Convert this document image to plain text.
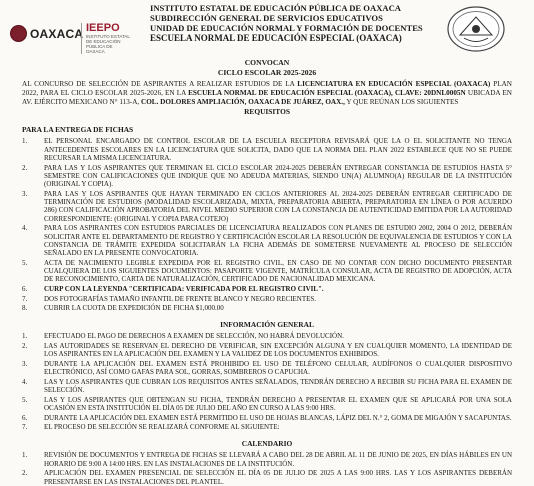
OAXACA IEEPO
INSTITUTO ESTATAL DE EDUCACIÓN PÚBLICA DE OAXACA
INSTITUTO ESTATAL DE EDUCACIÓN PÚBLICA DE OAXACA
SUBDIRECCIÓN GENERAL DE SERVICIOS EDUCATIVOS
UNIDAD DE EDUCACIÓN NORMAL Y FORMACIÓN DE DOCENTES
ESCUELA NORMAL DE EDUCACIÓN ESPECIAL (OAXACA)
CONVOCAN
CICLO ESCOLAR 2025-2026
AL CONCURSO DE SELECCIÓN DE ASPIRANTES A REALIZAR ESTUDIOS DE LA LICENCIATURA EN EDUCACIÓN ESPECIAL (OAXACA) PLAN 2022, PARA EL CICLO ESCOLAR 2025-2026, EN LA ESCUELA NORMAL DE EDUCACIÓN ESPECIAL (OAXACA), CLAVE: 20DNL0005N UBICADA EN AV. EJÉRCITO MEXICANO N° 113-A, COL. DOLORES AMPLIACIÓN, OAXACA DE JUÁREZ, OAX., Y QUE REÚNAN LOS SIGUIENTES
REQUISITOS
PARA LA ENTREGA DE FICHAS
1. EL PERSONAL ENCARGADO DE CONTROL ESCOLAR DE LA ESCUELA RECEPTORA REVISARÁ QUE LA O EL SOLICITANTE NO TENGA ANTECEDENTES ESCOLARES EN LA LICENCIATURA QUE SOLICITA, DADO QUE LA NORMA DEL PLAN 2022 ESTABLECE QUE NO SE PUEDE RECURSAR LA MISMA LICENCIATURA.
2. PARA LAS Y LOS ASPIRANTES QUE TERMINAN EL CICLO ESCOLAR 2024-2025 DEBERÁN ENTREGAR CONSTANCIA DE ESTUDIOS HASTA 5° SEMESTRE CON CALIFICACIONES QUE INDIQUE QUE NO ADEUDA MATERIAS, SIENDO UN(A) ALUMNO(A) REGULAR DE LA INSTITUCIÓN (ORIGINAL Y COPIA).
3. PARA LAS Y LOS ASPIRANTES QUE HAYAN TERMINADO EN CICLOS ANTERIORES AL 2024-2025 DEBERÁN ENTREGAR CERTIFICADO DE TERMINACIÓN DE ESTUDIOS (MODALIDAD ESCOLARIZADA, MIXTA, PREPARATORIA ABIERTA, PREPARATORIA EN LÍNEA O POR ACUERDO 286) CON CALIFICACIÓN APROBATORIA DEL NIVEL MEDIO SUPERIOR CON LA CONSTANCIA DE AUTENTICIDAD EMITIDA POR LA AUTORIDAD CORRESPONDIENTE: (ORIGINAL Y COPIA PARA COTEJO)
4. PARA LOS ASPIRANTES CON ESTUDIOS PARCIALES DE LICENCIATURA REALIZADOS CON PLANES DE ESTUDIO 2002, 2004 O 2012, DEBERÁN SOLICITAR ANTE EL DEPARTAMENTO DE REGISTRO Y CERTIFICACIÓN ESCOLAR LA RESOLUCIÓN DE EQUIVALENCIA DE ESTUDIOS Y CON LA CONSTANCIA DE TRÁMITE EXPEDIDA SOLICITARÁN LA FICHA ADEMÁS DE SOMETERSE NUEVAMENTE AL PROCESO DE SELECCIÓN SEÑALADO EN LA PRESENTE CONVOCATORIA.
5. ACTA DE NACIMIENTO LEGIBLE EXPEDIDA POR EL REGISTRO CIVIL, EN CASO DE NO CONTAR CON DICHO DOCUMENTO PRESENTAR CUALQUIERA DE LOS SIGUIENTES DOCUMENTOS: PASAPORTE VIGENTE, MATRÍCULA CONSULAR, ACTA DE REGISTRO DE ADOPCIÓN, ACTA DE RECONOCIMIENTO, CARTA DE NATURALIZACIÓN, CERTIFICADO DE NACIONALIDAD MEXICANA.
6. CURP CON LA LEYENDA "CERTIFICADA: VERIFICADA POR EL REGISTRO CIVIL".
7. DOS FOTOGRAFÍAS TAMAÑO INFANTIL DE FRENTE BLANCO Y NEGRO RECIENTES.
8. CUBRIR LA CUOTA DE EXPEDICIÓN DE FICHA $1,000.00
INFORMACIÓN GENERAL
1. EFECTUADO EL PAGO DE DERECHOS A EXAMEN DE SELECCIÓN, NO HABRÁ DEVOLUCIÓN.
2. LAS AUTORIDADES SE RESERVAN EL DERECHO DE VERIFICAR, SIN EXCEPCIÓN ALGUNA Y EN CUALQUIER MOMENTO, LA IDENTIDAD DE LOS ASPIRANTES EN LA APLICACIÓN DEL EXAMEN Y LA VALIDEZ DE LOS DOCUMENTOS EXHIBIDOS.
3. DURANTE LA APLICACIÓN DEL EXAMEN ESTÁ PROHIBIDO EL USO DE TELÉFONO CELULAR, AUDÍFONOS O CUALQUIER DISPOSITIVO ELECTRÓNICO, ASÍ COMO GAFAS PARA SOL, GORRAS, SOMBREROS O CAPUCHA.
4. LAS Y LOS ASPIRANTES QUE CUBRAN LOS REQUISITOS ANTES SEÑALADOS, TENDRÁN DERECHO A RECIBIR SU FICHA PARA EL EXAMEN DE SELECCIÓN.
5. LAS Y LOS ASPIRANTES QUE OBTENGAN SU FICHA, TENDRÁN DERECHO A PRESENTAR EL EXAMEN QUE SE APLICARÁ POR UNA SOLA OCASIÓN EN ESTA INSTITUCIÓN EL DÍA 05 DE JULIO DEL AÑO EN CURSO A LAS 9:00 HRS.
6. DURANTE LA APLICACIÓN DEL EXAMEN ESTÁ PERMITIDO EL USO DE HOJAS BLANCAS, LÁPIZ DEL N.° 2, GOMA DE MIGAJÓN Y SACAPUNTAS.
7. EL PROCESO DE SELECCIÓN SE REALIZARÁ CONFORME AL SIGUIENTE:
CALENDARIO
1. REVISIÓN DE DOCUMENTOS Y ENTREGA DE FICHAS SE LLEVARÁ A CABO DEL 28 DE ABRIL AL 11 DE JUNIO DE 2025, EN DÍAS HÁBILES EN UN HORARIO DE 9:00 A 14:00 HRS. EN LAS INSTALACIONES DE LA INSTITUCIÓN.
2. APLICACIÓN DEL EXAMEN PRESENCIAL DE SELECCIÓN EL DÍA 05 DE JULIO DE 2025 A LAS 9:00 HRS. LAS Y LOS ASPIRANTES DEBERÁN PRESENTARSE EN LAS INSTALACIONES DEL PLANTEL.
